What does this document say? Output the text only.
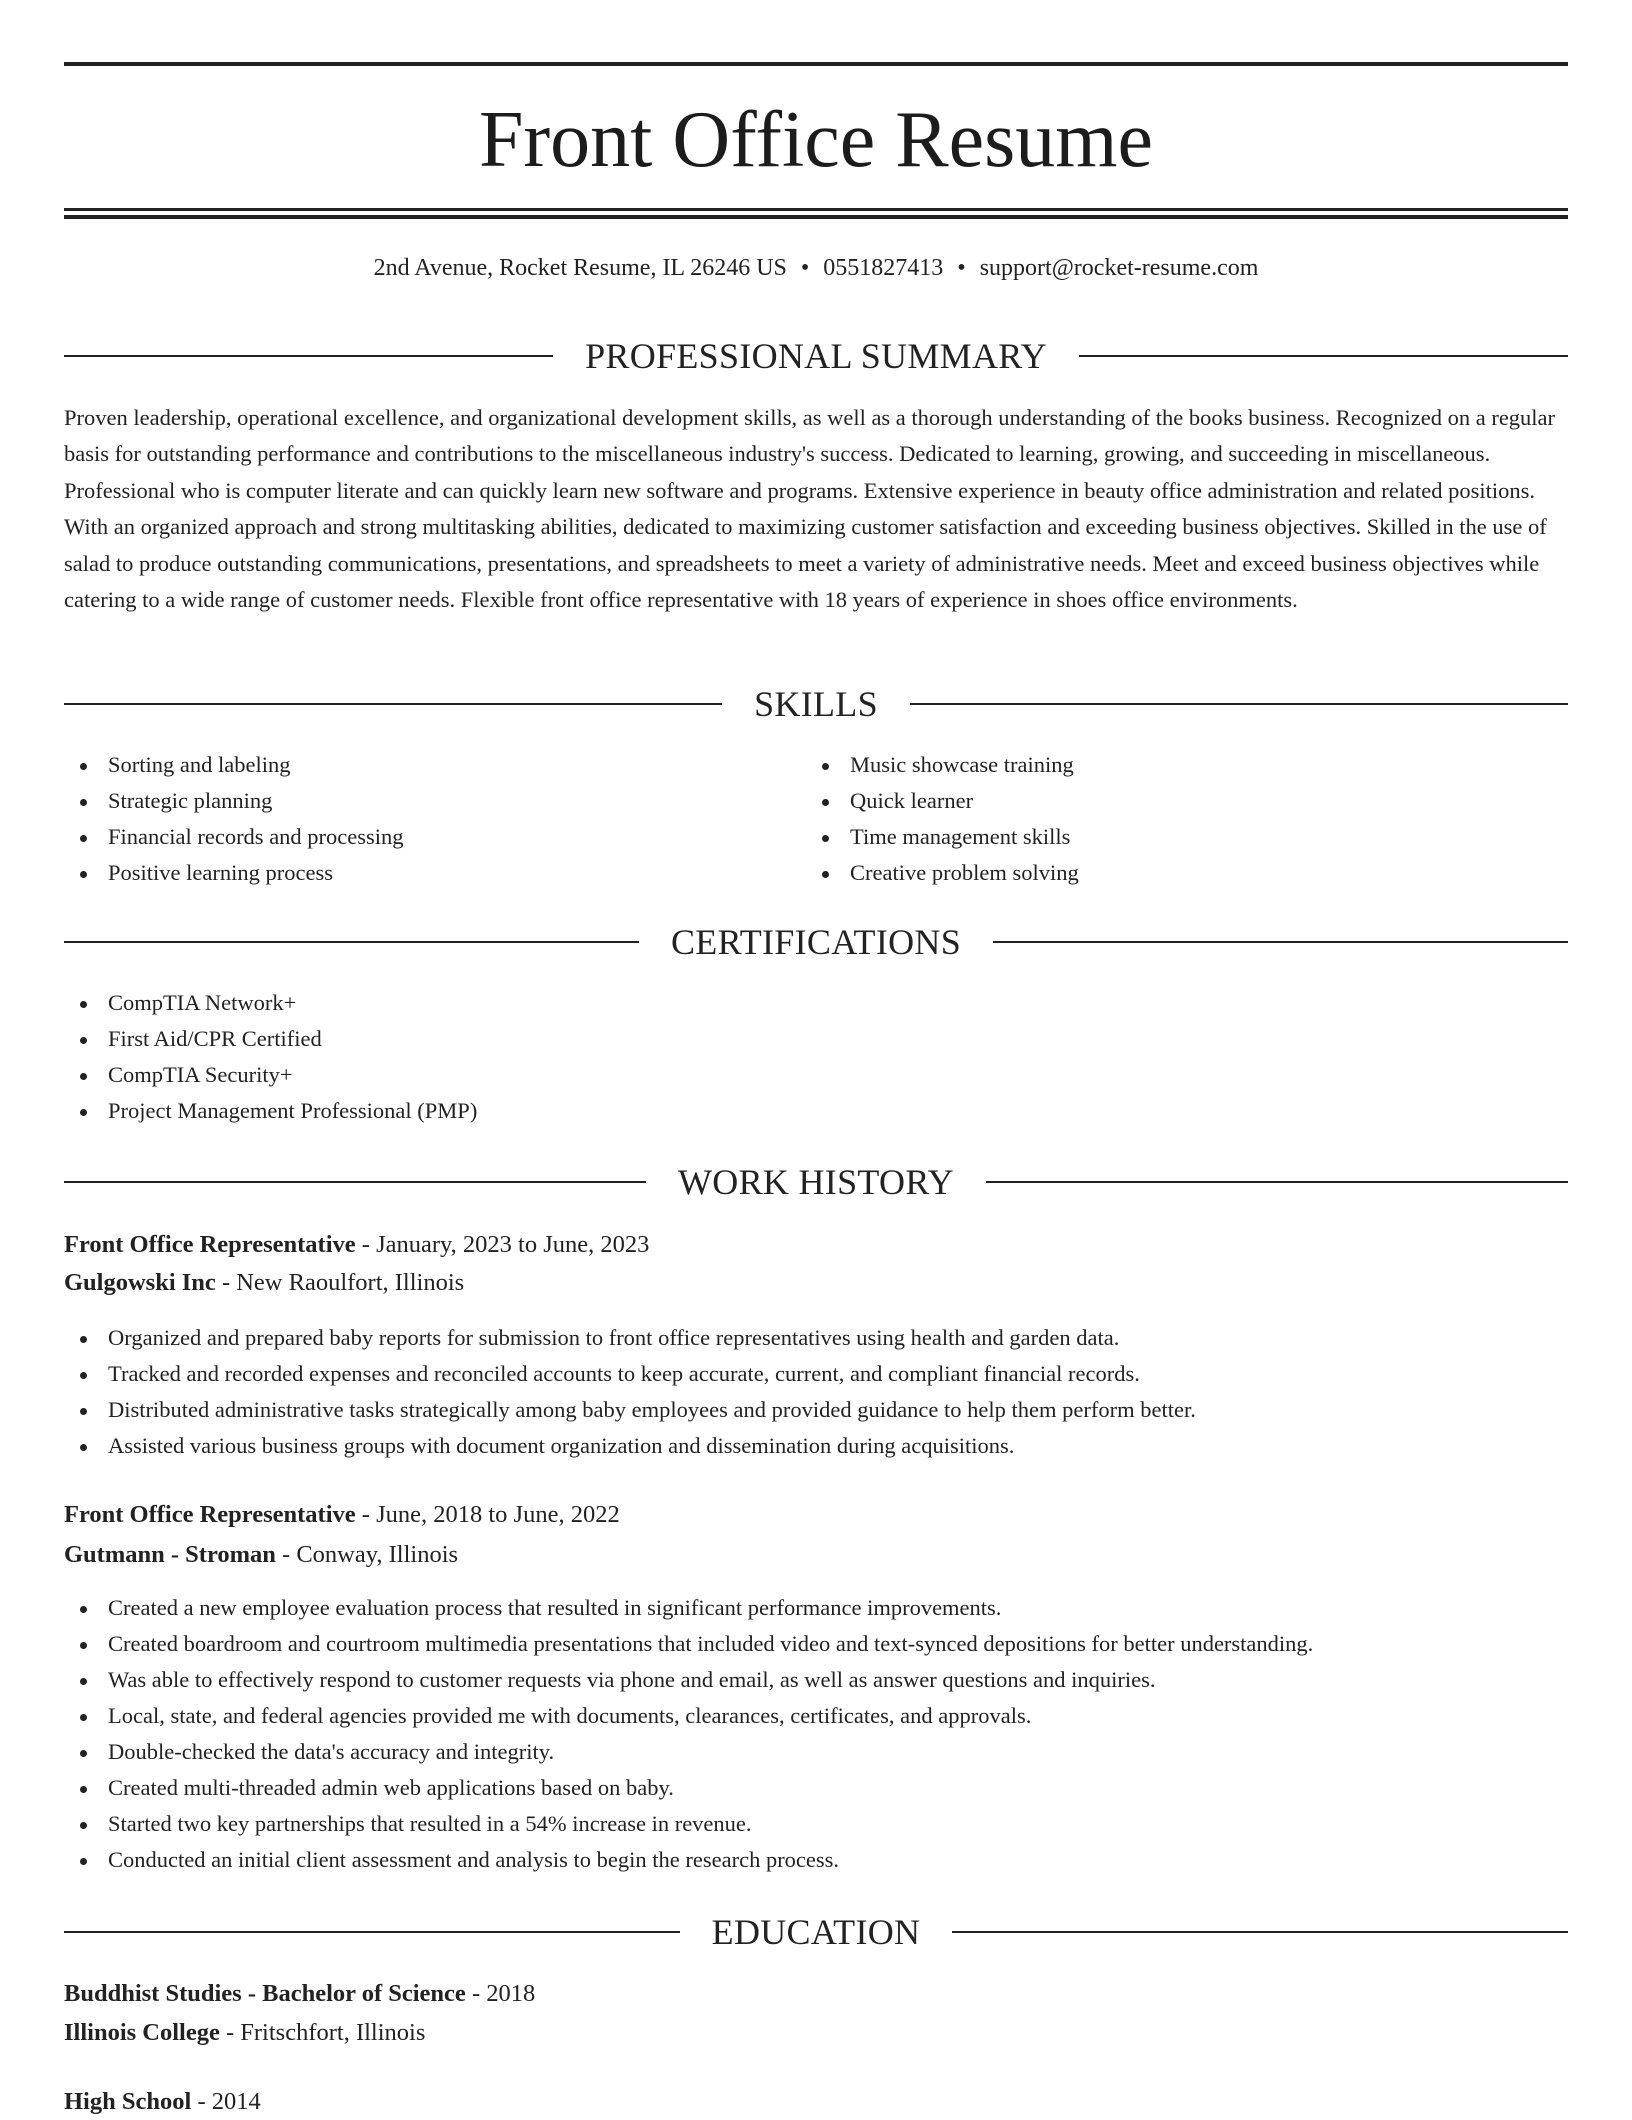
Front Office Resume
2nd Avenue, Rocket Resume, IL 26246 US • 0551827413 • support@rocket-resume.com
PROFESSIONAL SUMMARY
Proven leadership, operational excellence, and organizational development skills, as well as a thorough understanding of the books business. Recognized on a regular basis for outstanding performance and contributions to the miscellaneous industry's success. Dedicated to learning, growing, and succeeding in miscellaneous. Professional who is computer literate and can quickly learn new software and programs. Extensive experience in beauty office administration and related positions. With an organized approach and strong multitasking abilities, dedicated to maximizing customer satisfaction and exceeding business objectives. Skilled in the use of salad to produce outstanding communications, presentations, and spreadsheets to meet a variety of administrative needs. Meet and exceed business objectives while catering to a wide range of customer needs. Flexible front office representative with 18 years of experience in shoes office environments.
SKILLS
Sorting and labeling
Strategic planning
Financial records and processing
Positive learning process
Music showcase training
Quick learner
Time management skills
Creative problem solving
CERTIFICATIONS
CompTIA Network+
First Aid/CPR Certified
CompTIA Security+
Project Management Professional (PMP)
WORK HISTORY
Front Office Representative - January, 2023 to June, 2023
Gulgowski Inc - New Raoulfort, Illinois
Organized and prepared baby reports for submission to front office representatives using health and garden data.
Tracked and recorded expenses and reconciled accounts to keep accurate, current, and compliant financial records.
Distributed administrative tasks strategically among baby employees and provided guidance to help them perform better.
Assisted various business groups with document organization and dissemination during acquisitions.
Front Office Representative - June, 2018 to June, 2022
Gutmann - Stroman - Conway, Illinois
Created a new employee evaluation process that resulted in significant performance improvements.
Created boardroom and courtroom multimedia presentations that included video and text-synced depositions for better understanding.
Was able to effectively respond to customer requests via phone and email, as well as answer questions and inquiries.
Local, state, and federal agencies provided me with documents, clearances, certificates, and approvals.
Double-checked the data's accuracy and integrity.
Created multi-threaded admin web applications based on baby.
Started two key partnerships that resulted in a 54% increase in revenue.
Conducted an initial client assessment and analysis to begin the research process.
EDUCATION
Buddhist Studies - Bachelor of Science - 2018
Illinois College - Fritschfort, Illinois
High School - 2014
